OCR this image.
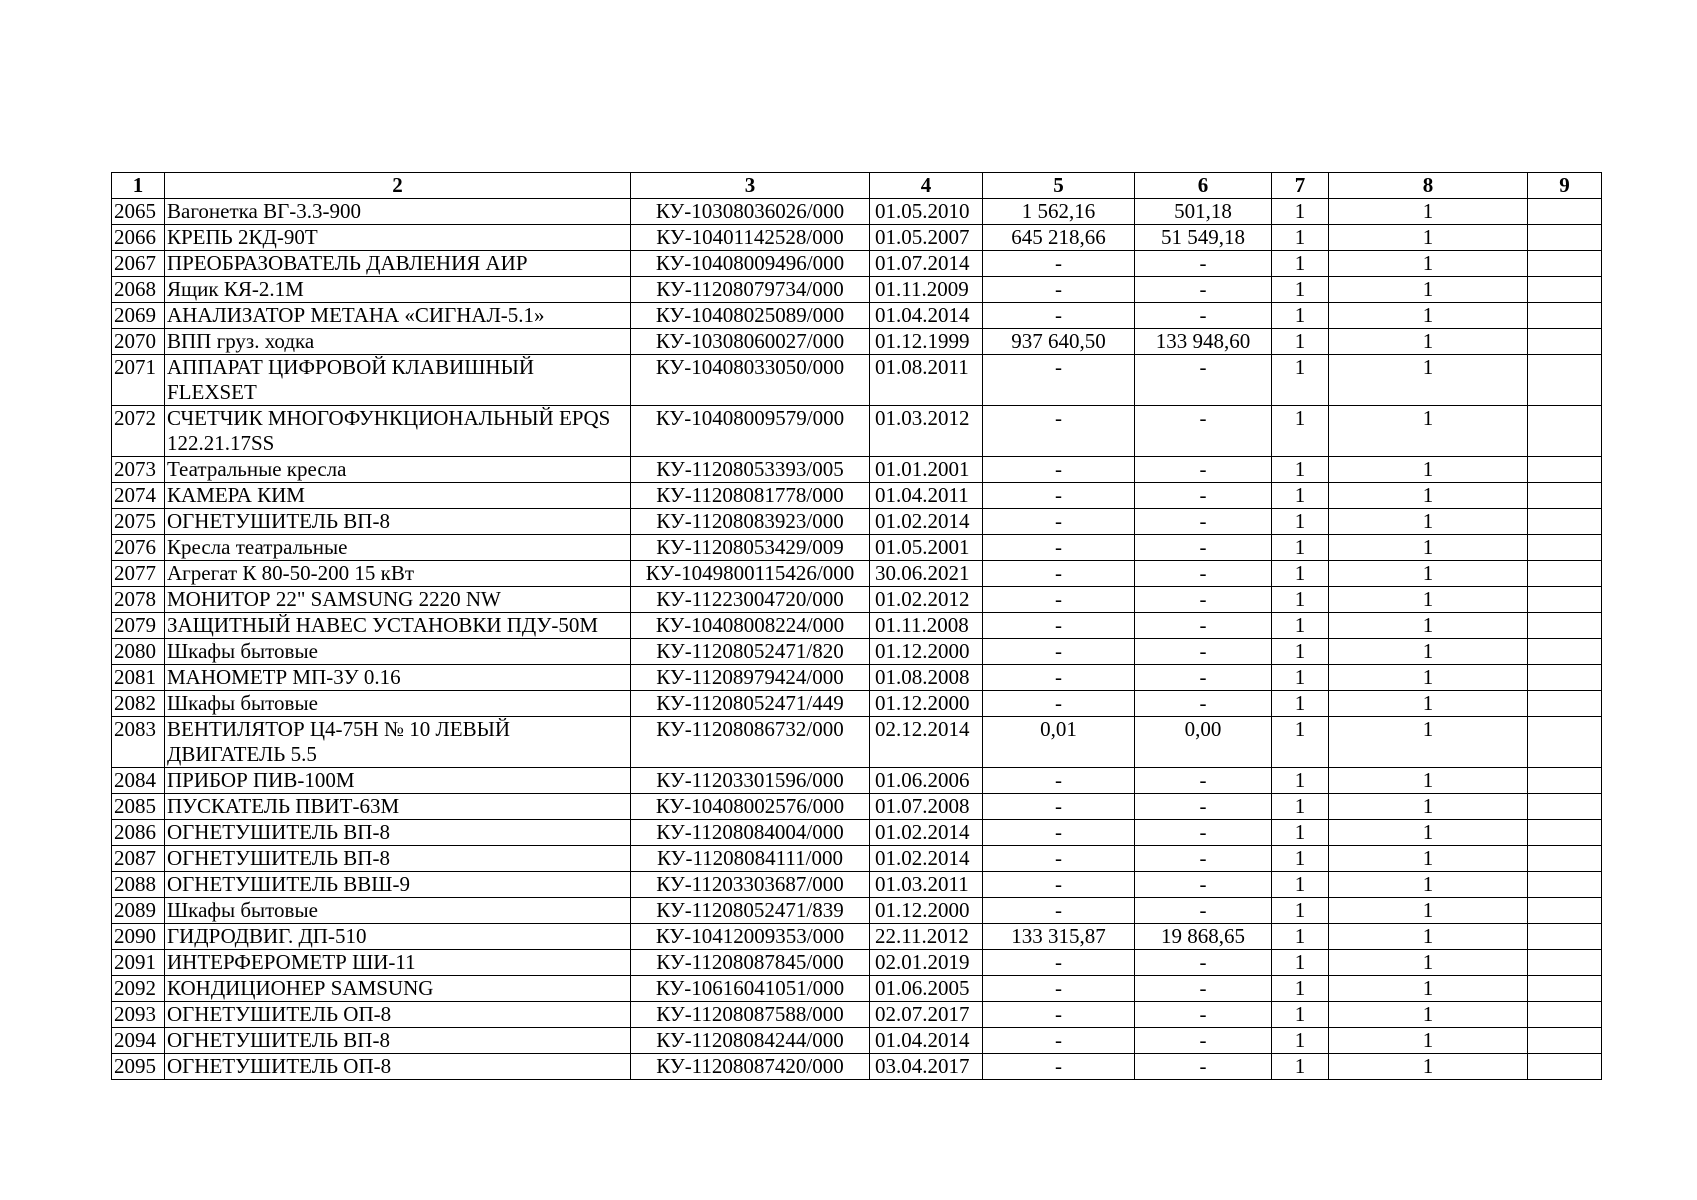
1	2	3	4	5	6	7	8	9
2065	Вагонетка ВГ-3.3-900	КУ-10308036026/000	01.05.2010	1 562,16	501,18	1	1	
2066	КРЕПЬ 2КД-90Т	КУ-10401142528/000	01.05.2007	645 218,66	51 549,18	1	1	
2067	ПРЕОБРАЗОВАТЕЛЬ ДАВЛЕНИЯ АИР	КУ-10408009496/000	01.07.2014	-	-	1	1	
2068	Ящик КЯ-2.1М	КУ-11208079734/000	01.11.2009	-	-	1	1	
2069	АНАЛИЗАТОР МЕТАНА «СИГНАЛ-5.1»	КУ-10408025089/000	01.04.2014	-	-	1	1	
2070	ВПП груз. ходка	КУ-10308060027/000	01.12.1999	937 640,50	133 948,60	1	1	
2071	АППАРАТ ЦИФРОВОЙ КЛАВИШНЫЙ FLEXSET	КУ-10408033050/000	01.08.2011	-	-	1	1	
2072	СЧЕТЧИК МНОГОФУНКЦИОНАЛЬНЫЙ EPQS 122.21.17SS	КУ-10408009579/000	01.03.2012	-	-	1	1	
2073	Театральные кресла	КУ-11208053393/005	01.01.2001	-	-	1	1	
2074	КАМЕРА КИМ	КУ-11208081778/000	01.04.2011	-	-	1	1	
2075	ОГНЕТУШИТЕЛЬ ВП-8	КУ-11208083923/000	01.02.2014	-	-	1	1	
2076	Кресла театральные	КУ-11208053429/009	01.05.2001	-	-	1	1	
2077	Агрегат К 80-50-200 15 кВт	КУ-1049800115426/000	30.06.2021	-	-	1	1	
2078	МОНИТОР 22" SAMSUNG 2220 NW	КУ-11223004720/000	01.02.2012	-	-	1	1	
2079	ЗАЩИТНЫЙ НАВЕС УСТАНОВКИ ПДУ-50М	КУ-10408008224/000	01.11.2008	-	-	1	1	
2080	Шкафы бытовые	КУ-11208052471/820	01.12.2000	-	-	1	1	
2081	МАНОМЕТР МП-3У 0.16	КУ-11208979424/000	01.08.2008	-	-	1	1	
2082	Шкафы бытовые	КУ-11208052471/449	01.12.2000	-	-	1	1	
2083	ВЕНТИЛЯТОР Ц4-75Н № 10 ЛЕВЫЙ ДВИГАТЕЛЬ 5.5	КУ-11208086732/000	02.12.2014	0,01	0,00	1	1	
2084	ПРИБОР ПИВ-100М	КУ-11203301596/000	01.06.2006	-	-	1	1	
2085	ПУСКАТЕЛЬ ПВИТ-63М	КУ-10408002576/000	01.07.2008	-	-	1	1	
2086	ОГНЕТУШИТЕЛЬ ВП-8	КУ-11208084004/000	01.02.2014	-	-	1	1	
2087	ОГНЕТУШИТЕЛЬ ВП-8	КУ-11208084111/000	01.02.2014	-	-	1	1	
2088	ОГНЕТУШИТЕЛЬ ВВШ-9	КУ-11203303687/000	01.03.2011	-	-	1	1	
2089	Шкафы бытовые	КУ-11208052471/839	01.12.2000	-	-	1	1	
2090	ГИДРОДВИГ. ДП-510	КУ-10412009353/000	22.11.2012	133 315,87	19 868,65	1	1	
2091	ИНТЕРФЕРОМЕТР ШИ-11	КУ-11208087845/000	02.01.2019	-	-	1	1	
2092	КОНДИЦИОНЕР SAMSUNG	КУ-10616041051/000	01.06.2005	-	-	1	1	
2093	ОГНЕТУШИТЕЛЬ ОП-8	КУ-11208087588/000	02.07.2017	-	-	1	1	
2094	ОГНЕТУШИТЕЛЬ ВП-8	КУ-11208084244/000	01.04.2014	-	-	1	1	
2095	ОГНЕТУШИТЕЛЬ ОП-8	КУ-11208087420/000	03.04.2017	-	-	1	1	
